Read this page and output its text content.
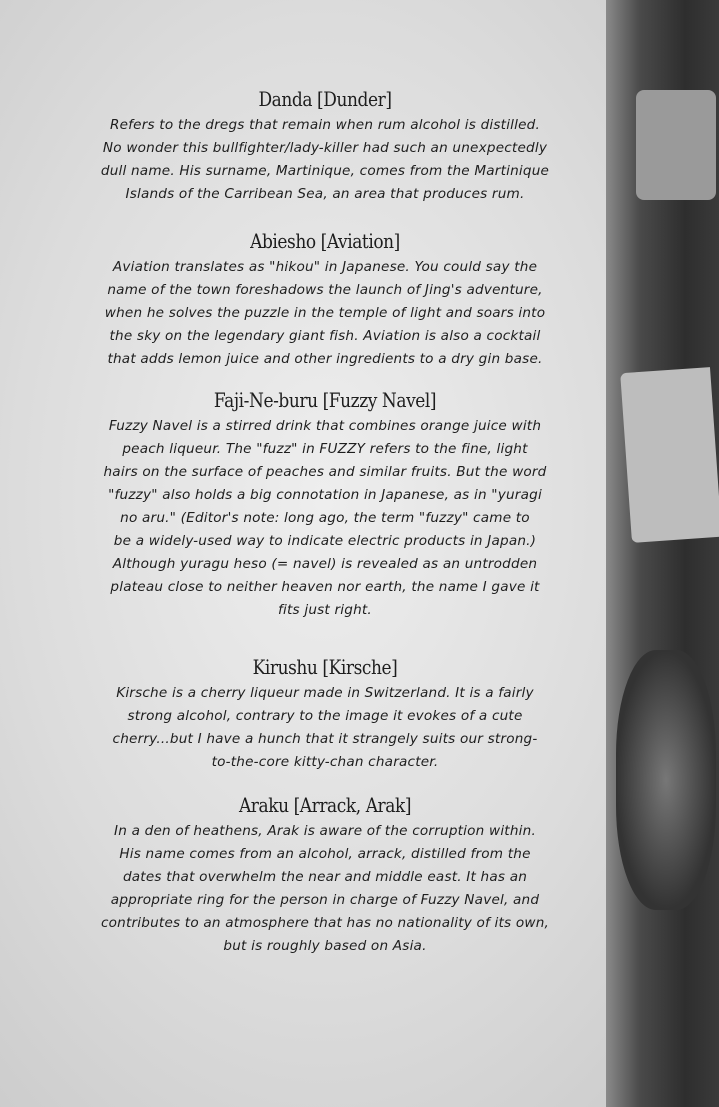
Danda [Dunder]
Refers to the dregs that remain when rum alcohol is distilled.
No wonder this bullfighter/lady-killer had such an unexpectedly
dull name. His surname, Martinique, comes from the Martinique
Islands of the Carribean Sea, an area that produces rum.
Abiesho [Aviation]
Aviation translates as "hikou" in Japanese. You could say the
name of the town foreshadows the launch of Jing's adventure,
when he solves the puzzle in the temple of light and soars into
the sky on the legendary giant fish. Aviation is also a cocktail
that adds lemon juice and other ingredients to a dry gin base.
Faji-Ne-buru [Fuzzy Navel]
Fuzzy Navel is a stirred drink that combines orange juice with
peach liqueur. The "fuzz" in FUZZY refers to the fine, light
hairs on the surface of peaches and similar fruits. But the word
"fuzzy" also holds a big connotation in Japanese, as in "yuragi
no aru." (Editor's note: long ago, the term "fuzzy" came to
be a widely-used way to indicate electric products in Japan.)
Although yuragu heso (= navel) is revealed as an untrodden
plateau close to neither heaven nor earth, the name I gave it
fits just right.
Kirushu [Kirsche]
Kirsche is a cherry liqueur made in Switzerland. It is a fairly
strong alcohol, contrary to the image it evokes of a cute
cherry...but I have a hunch that it strangely suits our strong-
to-the-core kitty-chan character.
Araku [Arrack, Arak]
In a den of heathens, Arak is aware of the corruption within.
His name comes from an alcohol, arrack, distilled from the
dates that overwhelm the near and middle east. It has an
appropriate ring for the person in charge of Fuzzy Navel, and
contributes to an atmosphere that has no nationality of its own,
but is roughly based on Asia.
